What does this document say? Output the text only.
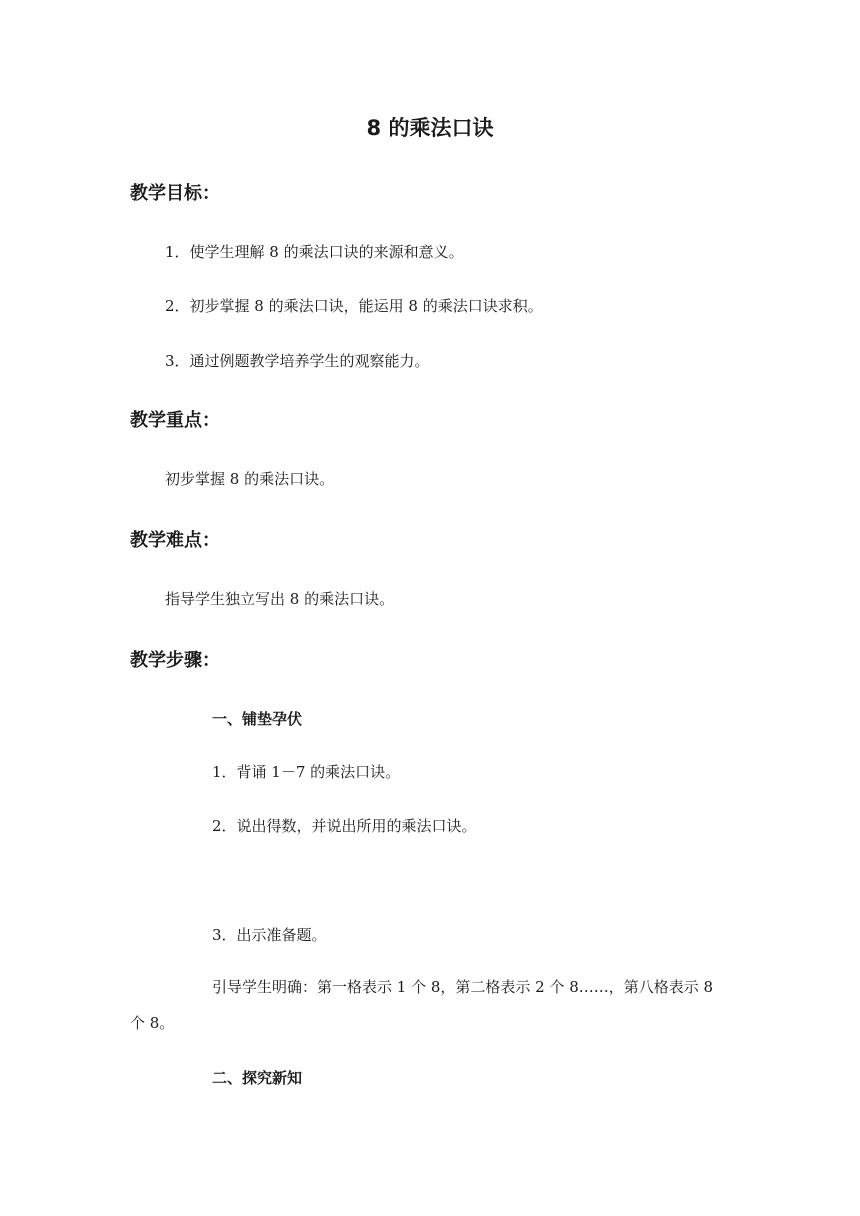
8 的乘法口诀
教学目标：
1．使学生理解 8 的乘法口诀的来源和意义。
2．初步掌握 8 的乘法口诀，能运用 8 的乘法口诀求积。
3．通过例题教学培养学生的观察能力。
教学重点：
初步掌握 8 的乘法口诀。
教学难点：
指导学生独立写出 8 的乘法口诀。
教学步骤：
一、铺垫孕伏
1．背诵 1－7 的乘法口诀。
2．说出得数，并说出所用的乘法口诀。
3．出示准备题。
引导学生明确：第一格表示 1 个 8，第二格表示 2 个 8……，第八格表示 8 个 8。
二、探究新知
